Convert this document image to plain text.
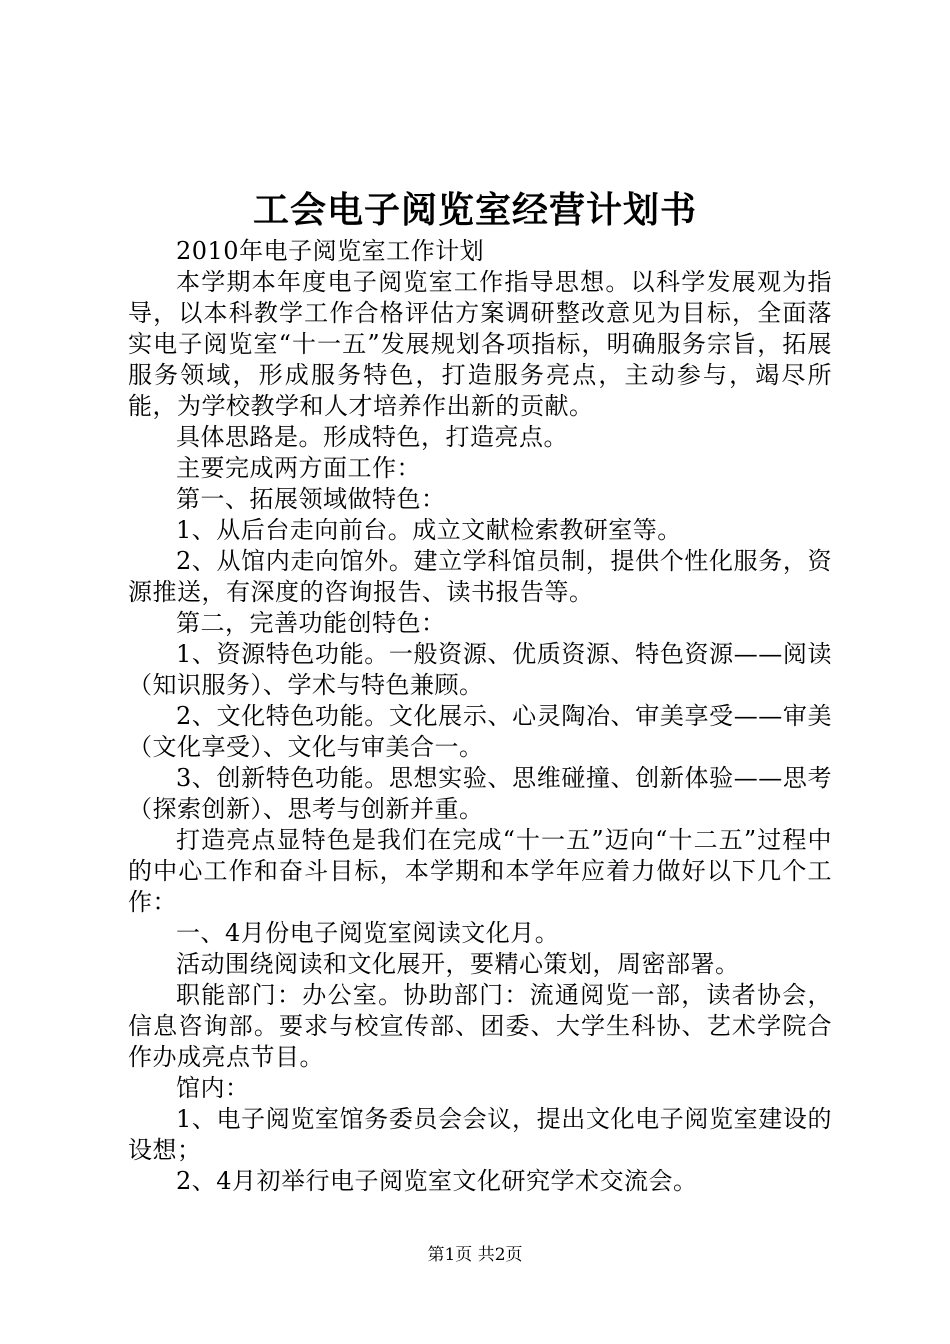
工会电子阅览室经营计划书

2010年电子阅览室工作计划

本学期本年度电子阅览室工作指导思想。以科学发展观为指导，以本科教学工作合格评估方案调研整改意见为目标，全面落实电子阅览室“十一五”发展规划各项指标，明确服务宗旨，拓展服务领域，形成服务特色，打造服务亮点，主动参与，竭尽所能，为学校教学和人才培养作出新的贡献。

具体思路是。形成特色，打造亮点。

主要完成两方面工作：

第一、拓展领域做特色：

1、从后台走向前台。成立文献检索教研室等。

2、从馆内走向馆外。建立学科馆员制，提供个性化服务，资源推送，有深度的咨询报告、读书报告等。

第二，完善功能创特色：

1、资源特色功能。一般资源、优质资源、特色资源——阅读（知识服务）、学术与特色兼顾。

2、文化特色功能。文化展示、心灵陶冶、审美享受——审美（文化享受）、文化与审美合一。

3、创新特色功能。思想实验、思维碰撞、创新体验——思考（探索创新）、思考与创新并重。

打造亮点显特色是我们在完成“十一五”迈向“十二五”过程中的中心工作和奋斗目标，本学期和本学年应着力做好以下几个工作：

一、4月份电子阅览室阅读文化月。

活动围绕阅读和文化展开，要精心策划，周密部署。

职能部门：办公室。协助部门：流通阅览一部，读者协会，信息咨询部。要求与校宣传部、团委、大学生科协、艺术学院合作办成亮点节目。

馆内：

1、电子阅览室馆务委员会会议，提出文化电子阅览室建设的设想；

2、4月初举行电子阅览室文化研究学术交流会。

第1页 共2页
